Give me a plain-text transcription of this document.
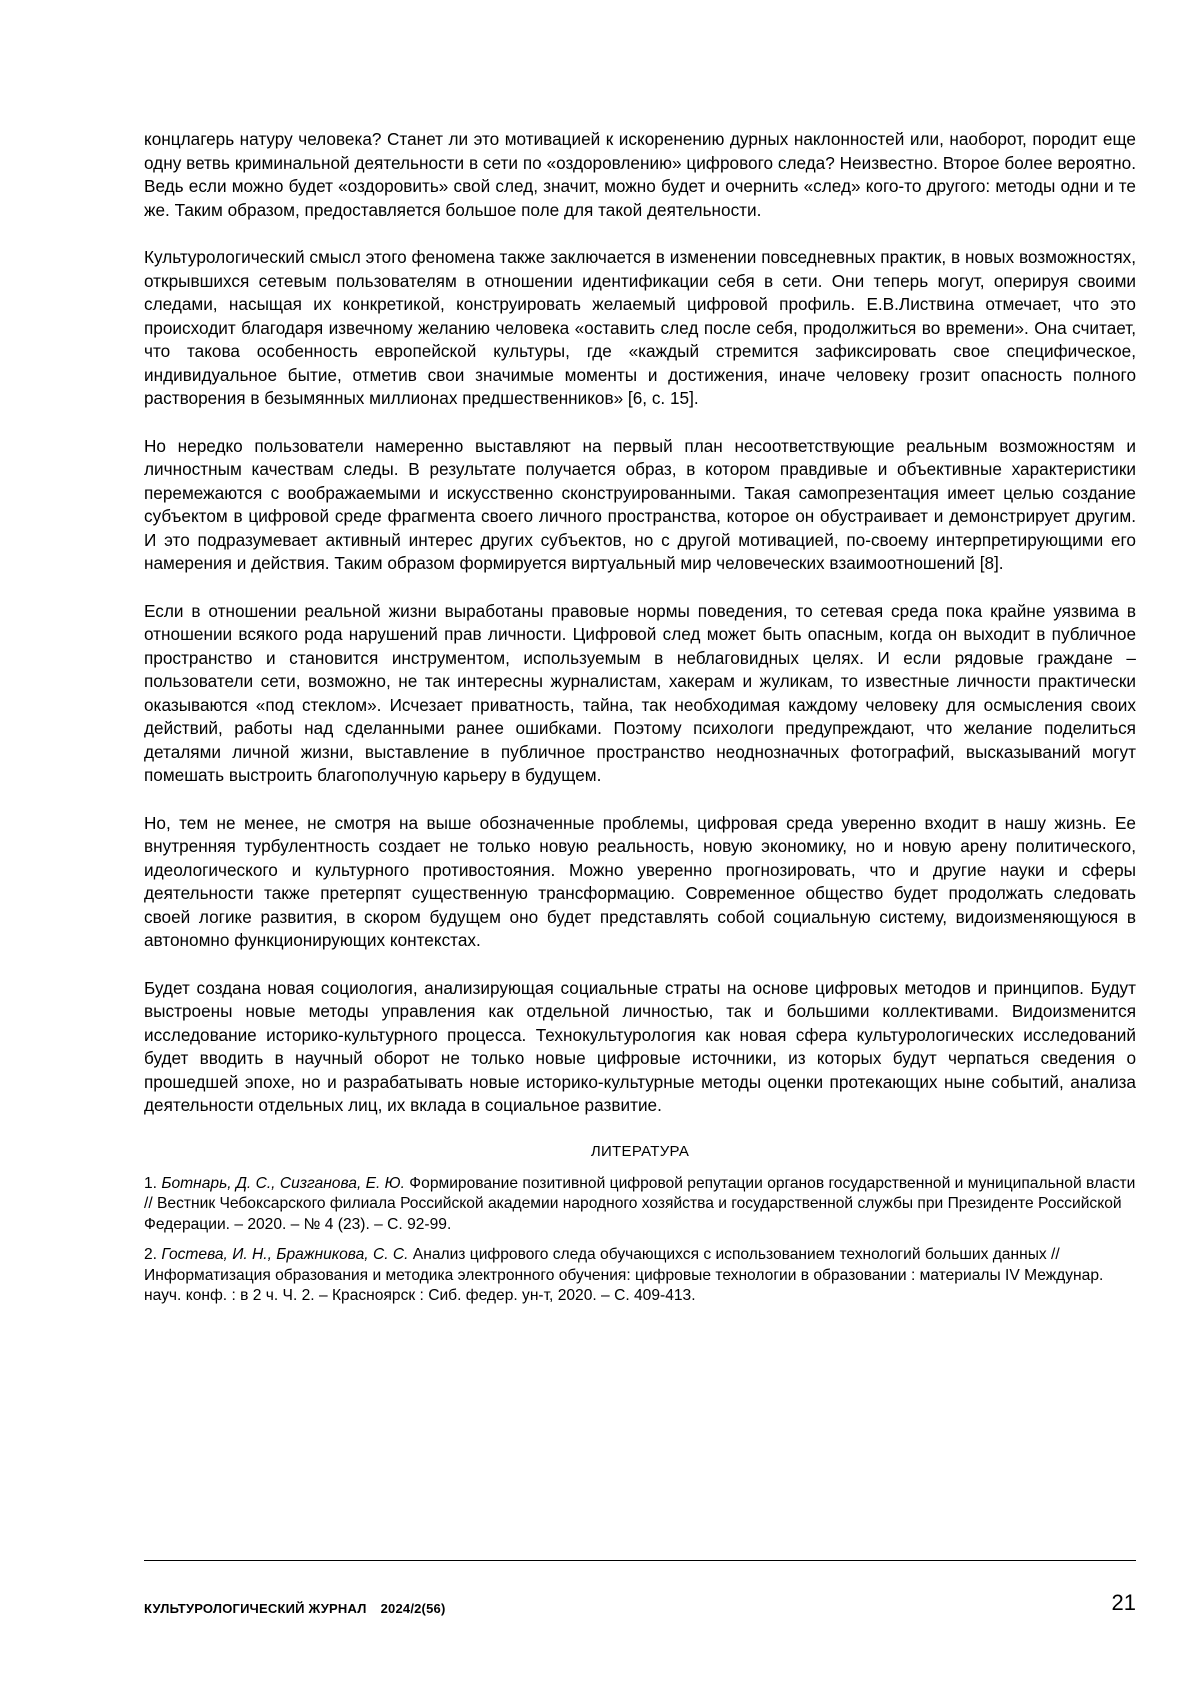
концлагерь натуру человека? Станет ли это мотивацией к искоренению дурных наклонностей или, наоборот, породит еще одну ветвь криминальной деятельности в сети по «оздоровлению» цифрового следа? Неизвестно. Второе более вероятно. Ведь если можно будет «оздоровить» свой след, значит, можно будет и очернить «след» кого-то другого: методы одни и те же. Таким образом, предоставляется большое поле для такой деятельности.

Культурологический смысл этого феномена также заключается в изменении повседневных практик, в новых возможностях, открывшихся сетевым пользователям в отношении идентификации себя в сети. Они теперь могут, оперируя своими следами, насыщая их конкретикой, конструировать желаемый цифровой профиль. Е.В.Листвина отмечает, что это происходит благодаря извечному желанию человека «оставить след после себя, продолжиться во времени». Она считает, что такова особенность европейской культуры, где «каждый стремится зафиксировать свое специфическое, индивидуальное бытие, отметив свои значимые моменты и достижения, иначе человеку грозит опасность полного растворения в безымянных миллионах предшественников» [6, с. 15].

Но нередко пользователи намеренно выставляют на первый план несоответствующие реальным возможностям и личностным качествам следы. В результате получается образ, в котором правдивые и объективные характеристики перемежаются с воображаемыми и искусственно сконструированными. Такая самопрезентация имеет целью создание субъектом в цифровой среде фрагмента своего личного пространства, которое он обустраивает и демонстрирует другим. И это подразумевает активный интерес других субъектов, но с другой мотивацией, по-своему интерпретирующими его намерения и действия. Таким образом формируется виртуальный мир человеческих взаимоотношений [8].

Если в отношении реальной жизни выработаны правовые нормы поведения, то сетевая среда пока крайне уязвима в отношении всякого рода нарушений прав личности. Цифровой след может быть опасным, когда он выходит в публичное пространство и становится инструментом, используемым в неблаговидных целях. И если рядовые граждане – пользователи сети, возможно, не так интересны журналистам, хакерам и жуликам, то известные личности практически оказываются «под стеклом». Исчезает приватность, тайна, так необходимая каждому человеку для осмысления своих действий, работы над сделанными ранее ошибками. Поэтому психологи предупреждают, что желание поделиться деталями личной жизни, выставление в публичное пространство неоднозначных фотографий, высказываний могут помешать выстроить благополучную карьеру в будущем.

Но, тем не менее, не смотря на выше обозначенные проблемы, цифровая среда уверенно входит в нашу жизнь. Ее внутренняя турбулентность создает не только новую реальность, новую экономику, но и новую арену политического, идеологического и культурного противостояния. Можно уверенно прогнозировать, что и другие науки и сферы деятельности также претерпят существенную трансформацию. Современное общество будет продолжать следовать своей логике развития, в скором будущем оно будет представлять собой социальную систему, видоизменяющуюся в автономно функционирующих контекстах.

Будет создана новая социология, анализирующая социальные страты на основе цифровых методов и принципов. Будут выстроены новые методы управления как отдельной личностью, так и большими коллективами. Видоизменится исследование историко-культурного процесса. Технокультурология как новая сфера культурологических исследований будет вводить в научный оборот не только новые цифровые источники, из которых будут черпаться сведения о прошедшей эпохе, но и разрабатывать новые историко-культурные методы оценки протекающих ныне событий, анализа деятельности отдельных лиц, их вклада в социальное развитие.

ЛИТЕРАТУРА
1. Ботнарь, Д. С., Сизганова, Е. Ю. Формирование позитивной цифровой репутации органов государственной и муниципальной власти // Вестник Чебоксарского филиала Российской академии народного хозяйства и государственной службы при Президенте Российской Федерации. – 2020. – № 4 (23). – С. 92-99.
2. Гостева, И. Н., Бражникова, С. С. Анализ цифрового следа обучающихся с использованием технологий больших данных // Информатизация образования и методика электронного обучения: цифровые технологии в образовании : материалы IV Междунар. науч. конф. : в 2 ч. Ч. 2. – Красноярск : Сиб. федер. ун-т, 2020. – С. 409-413.
КУЛЬТУРОЛОГИЧЕСКИЙ ЖУРНАЛ 2024/2(56)	21
